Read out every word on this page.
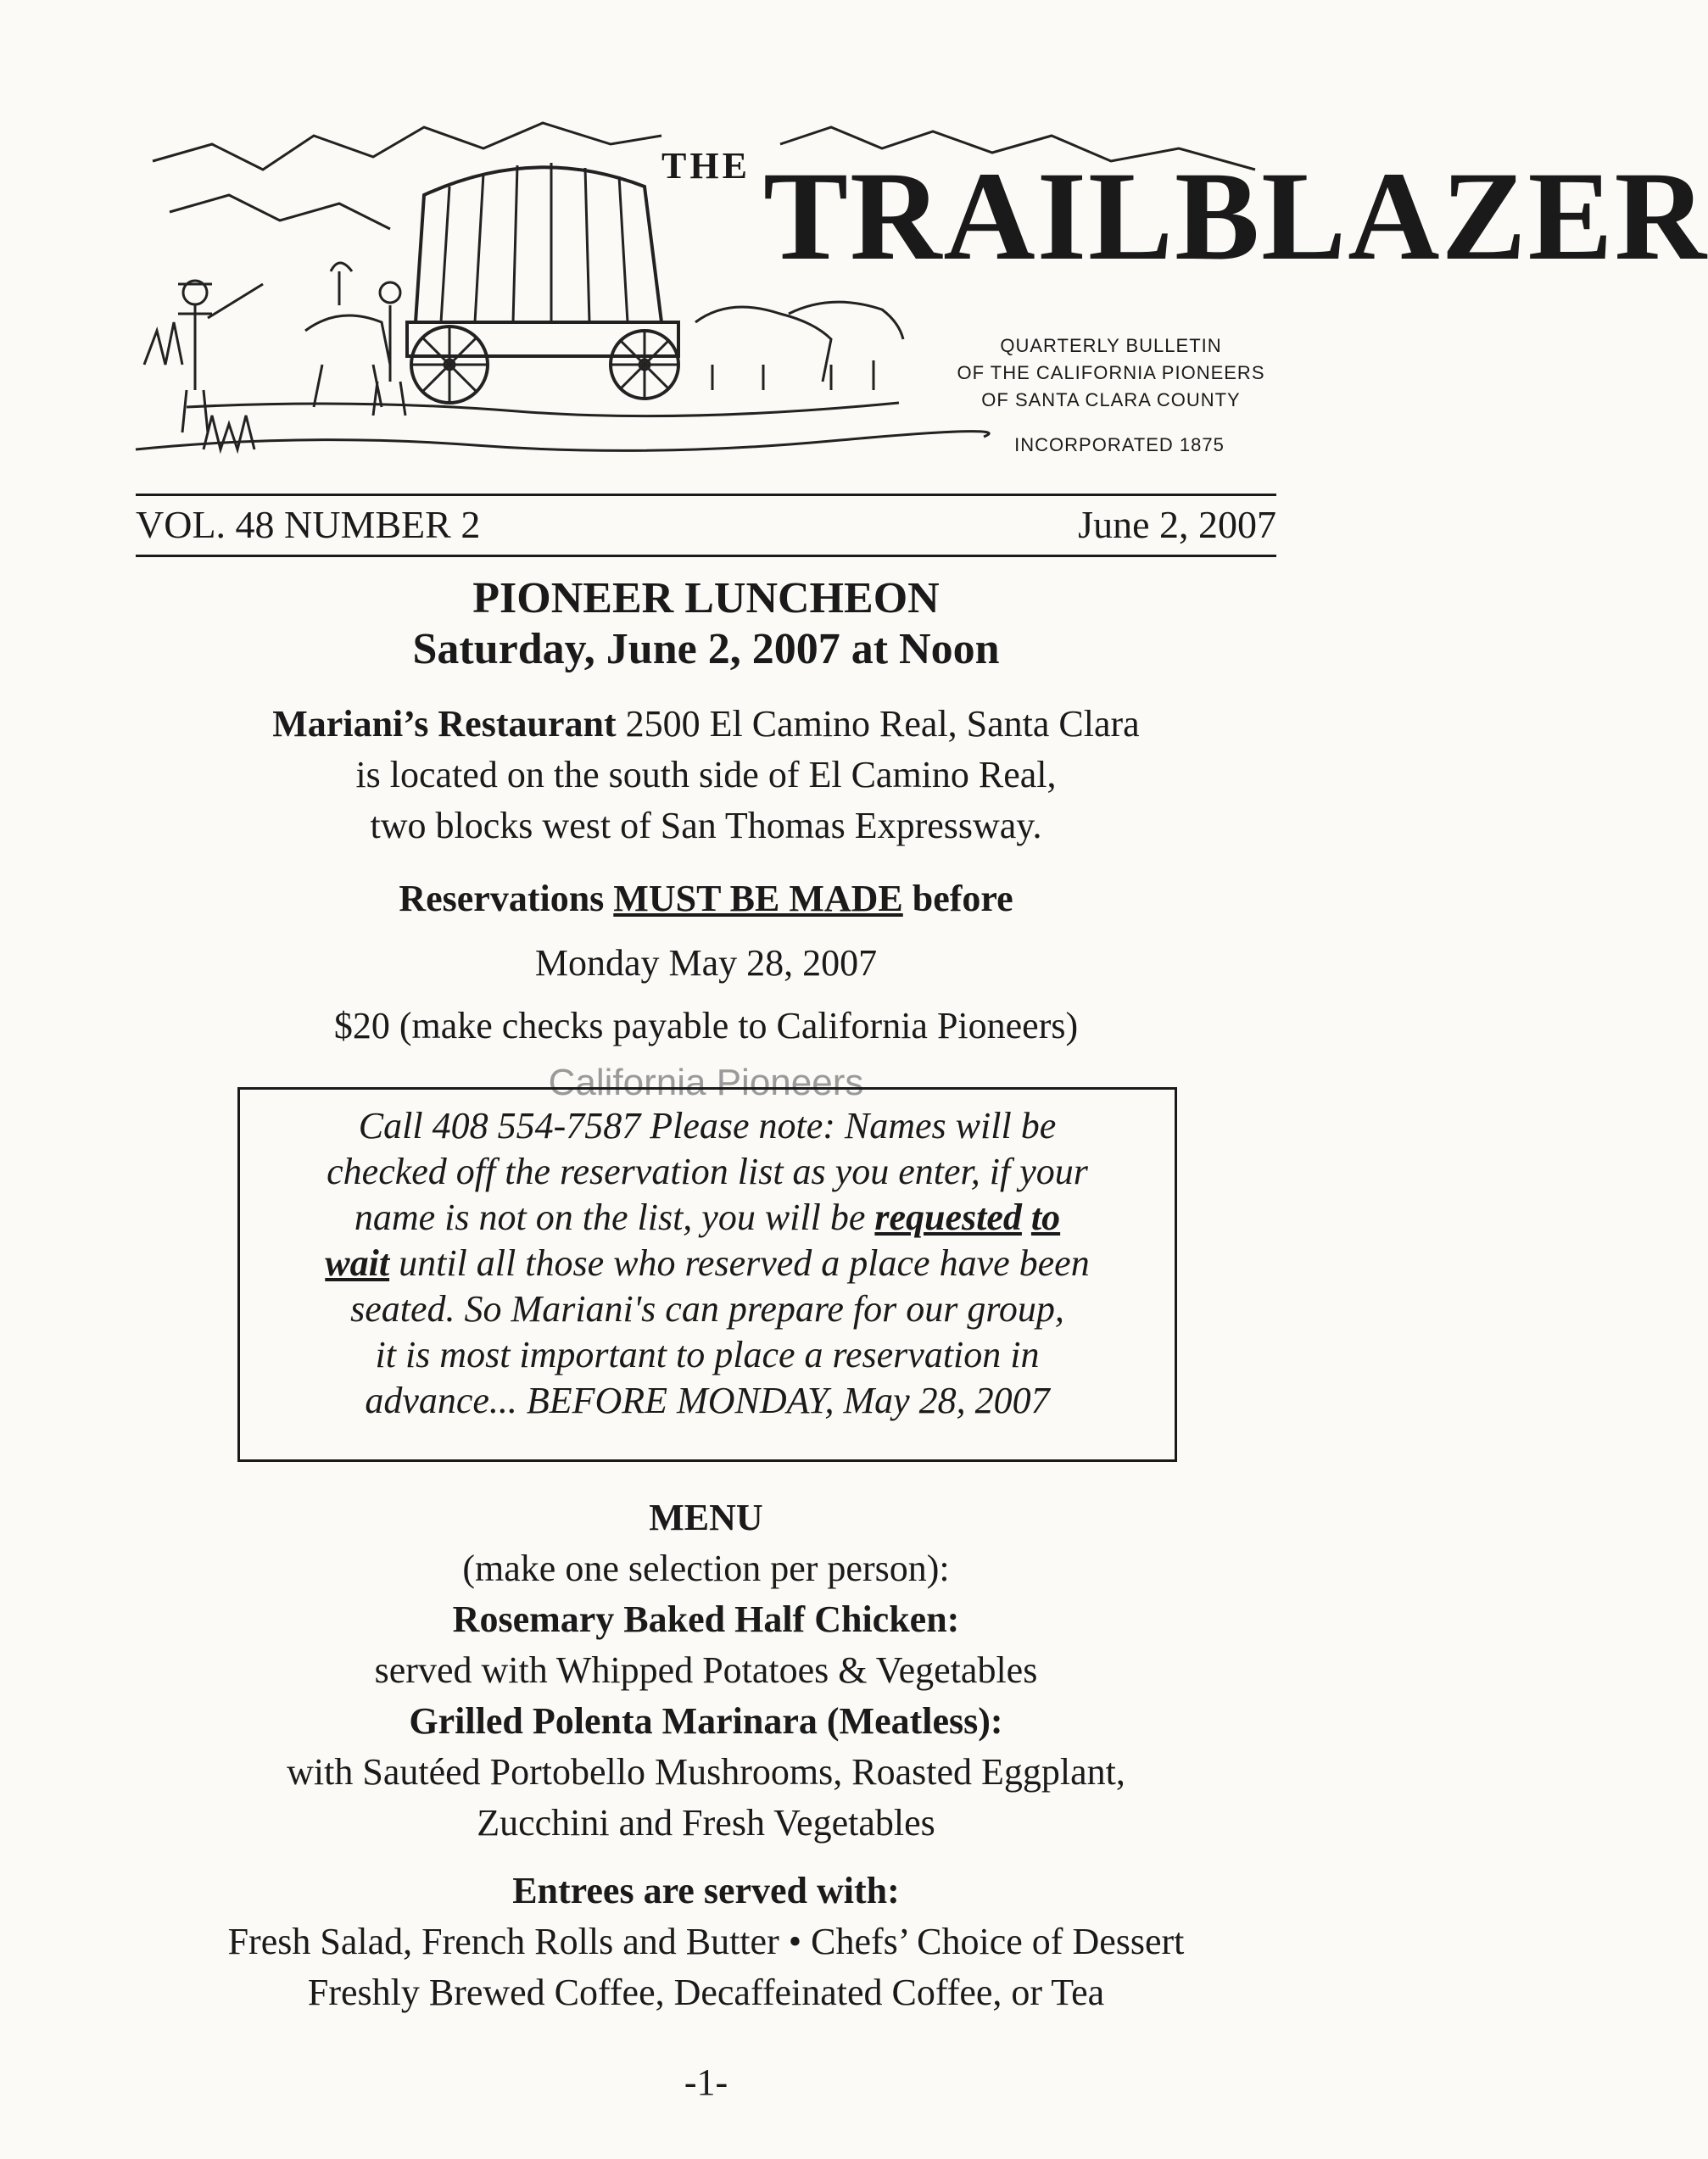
THE TRAILBLAZER
QUARTERLY BULLETIN
OF THE CALIFORNIA PIONEERS
OF SANTA CLARA COUNTY
INCORPORATED 1875
VOL. 48 NUMBER 2	June 2, 2007
PIONEER LUNCHEON
Saturday, June 2, 2007 at Noon
Mariani’s Restaurant 2500 El Camino Real, Santa Clara
is located on the south side of El Camino Real,
two blocks west of San Thomas Expressway.
Reservations MUST BE MADE before
Monday May 28, 2007
$20 (make checks payable to California Pioneers)
California Pioneers
Call 408 554-7587 Please note: Names will be
checked off the reservation list as you enter, if your
name is not on the list, you will be requested to
wait until all those who reserved a place have been
seated. So Mariani's can prepare for our group,
it is most important to place a reservation in
advance... BEFORE MONDAY, May 28, 2007
MENU
(make one selection per person):
Rosemary Baked Half Chicken:
served with Whipped Potatoes & Vegetables
Grilled Polenta Marinara (Meatless):
with Sautéed Portobello Mushrooms, Roasted Eggplant,
Zucchini and Fresh Vegetables
Entrees are served with:
Fresh Salad, French Rolls and Butter • Chefs’ Choice of Dessert
Freshly Brewed Coffee, Decaffeinated Coffee, or Tea
-1-
